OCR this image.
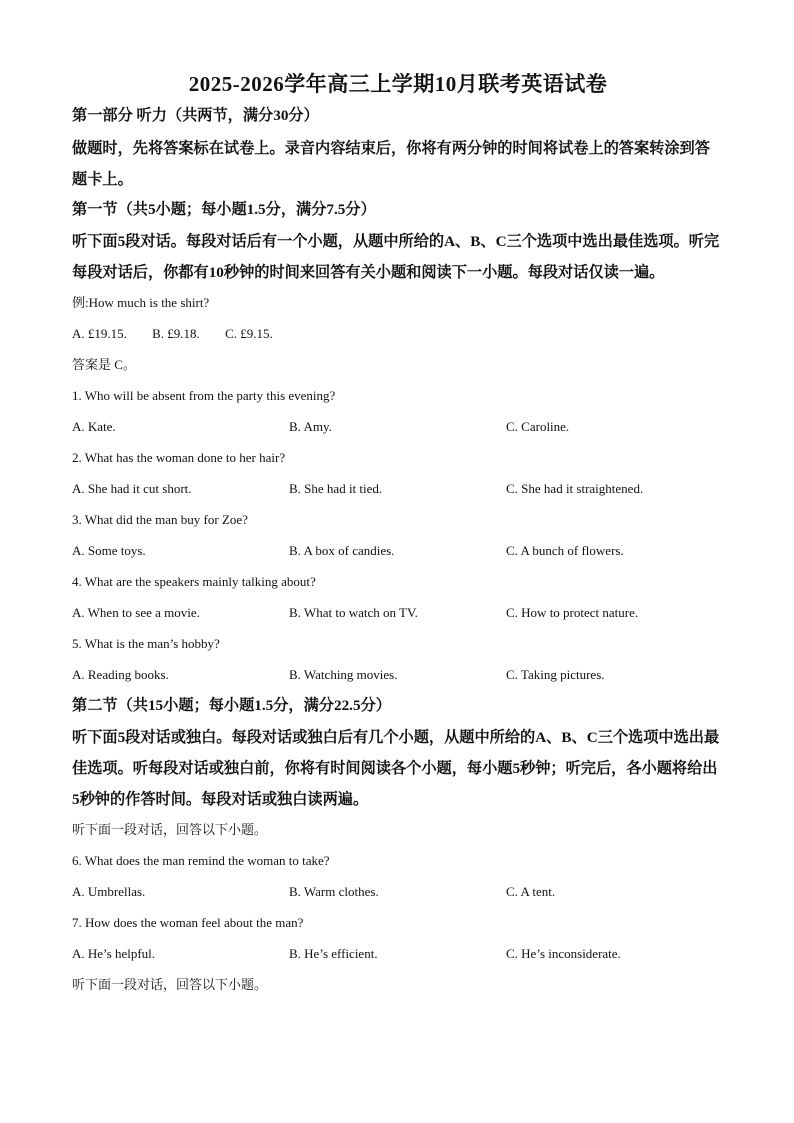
2025-2026学年高三上学期10月联考英语试卷
第一部分 听力（共两节，满分30分）
做题时，先将答案标在试卷上。录音内容结束后，你将有两分钟的时间将试卷上的答案转涂到答题卡上。
第一节（共5小题；每小题1.5分，满分7.5分）
听下面5段对话。每段对话后有一个小题，从题中所给的A、B、C三个选项中选出最佳选项。听完每段对话后，你都有10秒钟的时间来回答有关小题和阅读下一小题。每段对话仅读一遍。
例:How much is the shirt?
A. £19.15. B. £9.18. C. £9.15.
答案是 C。
1. Who will be absent from the party this evening?
A. Kate.	B. Amy.	C. Caroline.
2. What has the woman done to her hair?
A. She had it cut short.	B. She had it tied.	C. She had it straightened.
3. What did the man buy for Zoe?
A. Some toys.	B. A box of candies.	C. A bunch of flowers.
4. What are the speakers mainly talking about?
A. When to see a movie.	B. What to watch on TV.	C. How to protect nature.
5. What is the man’s hobby?
A. Reading books.	B. Watching movies.	C. Taking pictures.
第二节（共15小题；每小题1.5分，满分22.5分）
听下面5段对话或独白。每段对话或独白后有几个小题，从题中所给的A、B、C三个选项中选出最佳选项。听每段对话或独白前，你将有时间阅读各个小题，每小题5秒钟；听完后，各小题将给出5秒钟的作答时间。每段对话或独白读两遍。
听下面一段对话，回答以下小题。
6. What does the man remind the woman to take?
A. Umbrellas.	B. Warm clothes.	C. A tent.
7. How does the woman feel about the man?
A. He’s helpful.	B. He’s efficient.	C. He’s inconsiderate.
听下面一段对话，回答以下小题。
